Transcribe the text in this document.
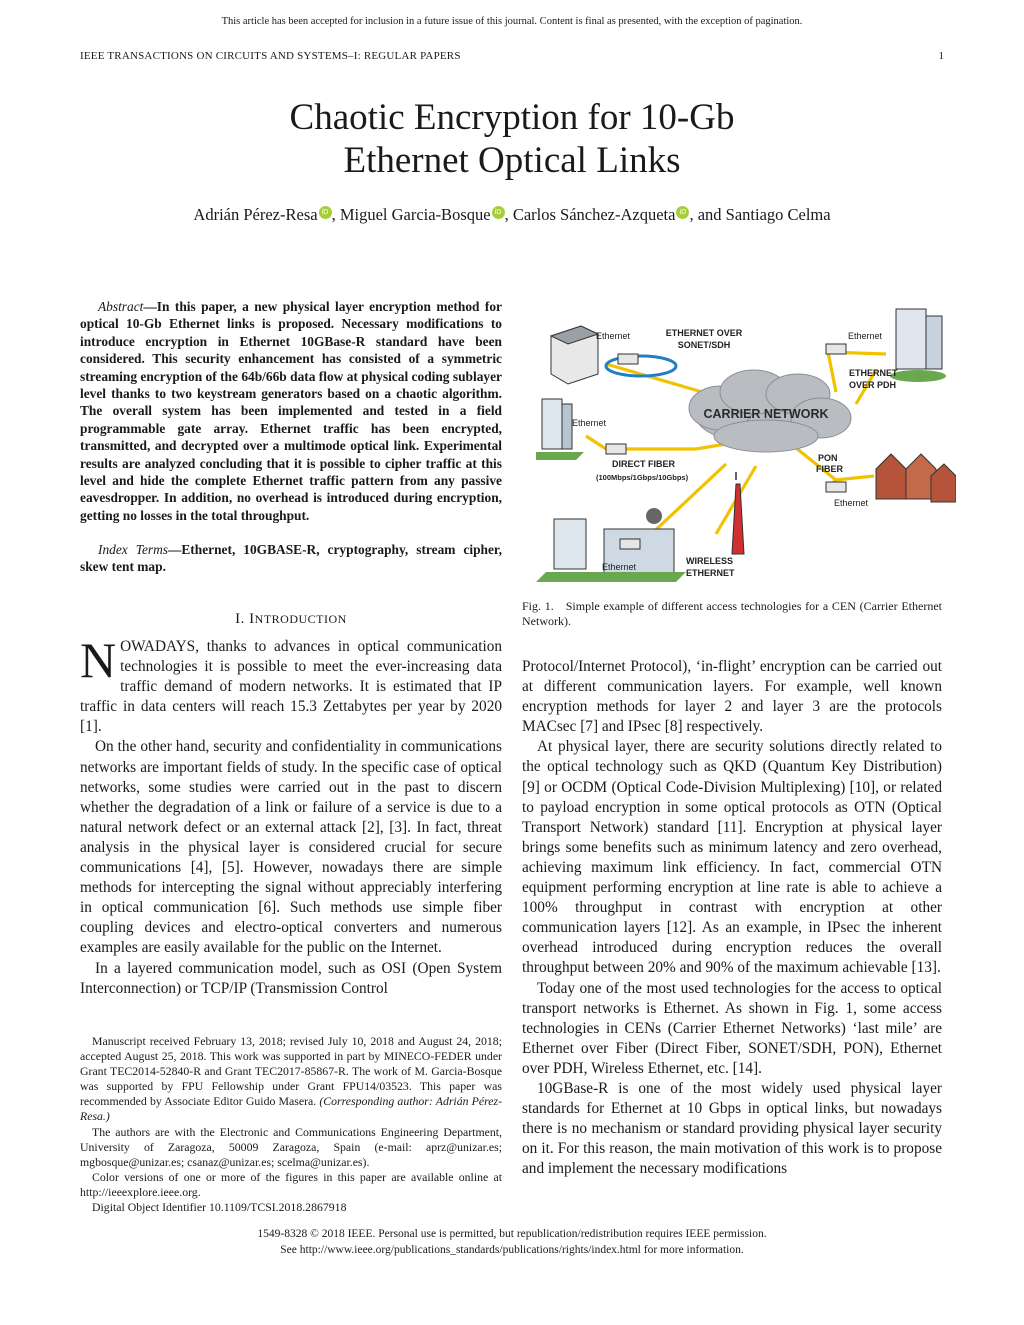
This article has been accepted for inclusion in a future issue of this journal. Content is final as presented, with the exception of pagination.
IEEE TRANSACTIONS ON CIRCUITS AND SYSTEMS–I: REGULAR PAPERS	1
Chaotic Encryption for 10-Gb
Ethernet Optical Links
Adrián Pérez-Resa iD , Miguel Garcia-Bosque iD , Carlos Sánchez-Azqueta iD , and Santiago Celma
Abstract—In this paper, a new physical layer encryption method for optical 10-Gb Ethernet links is proposed. Necessary modifications to introduce encryption in Ethernet 10GBase-R standard have been considered. This security enhancement has consisted of a symmetric streaming encryption of the 64b/66b data flow at physical coding sublayer level thanks to two keystream generators based on a chaotic algorithm. The overall system has been implemented and tested in a field programmable gate array. Ethernet traffic has been encrypted, transmitted, and decrypted over a multimode optical link. Experimental results are analyzed concluding that it is possible to cipher traffic at this level and hide the complete Ethernet traffic pattern from any passive eavesdropper. In addition, no overhead is introduced during encryption, getting no losses in the total throughput.
Index Terms—Ethernet, 10GBASE-R, cryptography, stream cipher, skew tent map.
I. INTRODUCTION

NOWADAYS, thanks to advances in optical communication technologies it is possible to meet the ever-increasing data traffic demand of modern networks. It is estimated that IP traffic in data centers will reach 15.3 Zettabytes per year by 2020 [1].

On the other hand, security and confidentiality in communications networks are important fields of study. In the specific case of optical networks, some studies were carried out in the past to discern whether the degradation of a link or failure of a service is due to a natural network defect or an external attack [2], [3]. In fact, threat analysis in the physical layer is considered crucial for secure communications [4], [5]. However, nowadays there are simple methods for intercepting the signal without appreciably interfering in optical communication [6]. Such methods use simple fiber coupling devices and electro-optical converters and numerous examples are easily available for the public on the Internet.

In a layered communication model, such as OSI (Open System Interconnection) or TCP/IP (Transmission Control

Manuscript received February 13, 2018; revised July 10, 2018 and August 24, 2018; accepted August 25, 2018. This work was supported in part by MINECO-FEDER under Grant TEC2014-52840-R and Grant TEC2017-85867-R. The work of M. Garcia-Bosque was supported by FPU Fellowship under Grant FPU14/03523. This paper was recommended by Associate Editor Guido Masera. (Corresponding author: Adrián Pérez-Resa.)

The authors are with the Electronic and Communications Engineering Department, University of Zaragoza, 50009 Zaragoza, Spain (e-mail: aprz@unizar.es; mgbosque@unizar.es; csanaz@unizar.es; scelma@unizar.es).

Color versions of one or more of the figures in this paper are available online at http://ieeexplore.ieee.org.

Digital Object Identifier 10.1109/TCSI.2018.2867918

CARRIER NETWORK
Ethernet	ETHERNET OVER
SONET/SDH
Ethernet
ETHERNET
OVER PDH
Ethernet
DIRECT FIBER
(100Mbps/1Gbps/10Gbps)
PON
FIBER
Ethernet
Ethernet
WIRELESS
ETHERNET
Fig. 1. Simple example of different access technologies for a CEN (Carrier Ethernet Network).

Protocol/Internet Protocol), ‘in-flight’ encryption can be carried out at different communication layers. For example, well known encryption methods for layer 2 and layer 3 are the protocols MACsec [7] and IPsec [8] respectively.

At physical layer, there are security solutions directly related to the optical technology such as QKD (Quantum Key Distribution) [9] or OCDM (Optical Code-Division Multiplexing) [10], or related to payload encryption in some optical protocols as OTN (Optical Transport Network) standard [11]. Encryption at physical layer brings some benefits such as minimum latency and zero overhead, achieving maximum link efficiency. In fact, commercial OTN equipment performing encryption at line rate is able to achieve a 100% throughput in contrast with encryption at other communication layers [12]. As an example, in IPsec the inherent overhead introduced during encryption reduces the overall throughput between 20% and 90% of the maximum achievable [13].

Today one of the most used technologies for the access to optical transport networks is Ethernet. As shown in Fig. 1, some access technologies in CENs (Carrier Ethernet Networks) ‘last mile’ are Ethernet over Fiber (Direct Fiber, SONET/SDH, PON), Ethernet over PDH, Wireless Ethernet, etc. [14].

10GBase-R is one of the most widely used physical layer standards for Ethernet at 10 Gbps in optical links, but nowadays there is no mechanism or standard providing physical layer security on it. For this reason, the main motivation of this work is to propose and implement the necessary modifications

1549-8328 © 2018 IEEE. Personal use is permitted, but republication/redistribution requires IEEE permission.
See http://www.ieee.org/publications_standards/publications/rights/index.html for more information.
